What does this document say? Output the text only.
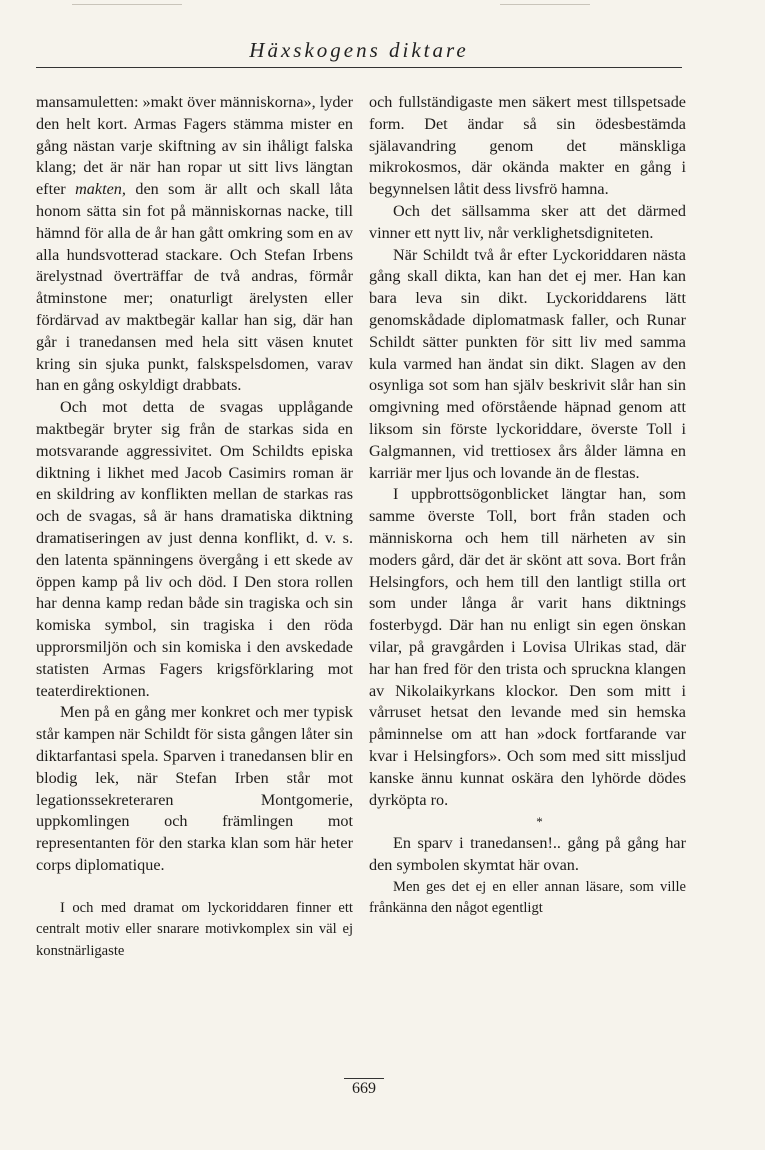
Häxskogens diktare

mansamuletten: »makt över människorna», lyder den helt kort. Armas Fagers stämma mister en gång nästan varje skiftning av sin ihåligt falska klang; det är när han ropar ut sitt livs längtan efter makten, den som är allt och skall låta honom sätta sin fot på människornas nacke, till hämnd för alla de år han gått omkring som en av alla hundsvotterad stackare. Och Stefan Irbens ärelystnad överträffar de två andras, förmår åtminstone mer; onaturligt ärelysten eller fördärvad av maktbegär kallar han sig, där han går i tranedansen med hela sitt väsen knutet kring sin sjuka punkt, falskspelsdomen, varav han en gång oskyldigt drabbats.

Och mot detta de svagas upplågande maktbegär bryter sig från de starkas sida en motsvarande aggressivitet. Om Schildts episka diktning i likhet med Jacob Casimirs roman är en skildring av konflikten mellan de starkas ras och de svagas, så är hans dramatiska diktning dramatiseringen av just denna konflikt, d. v. s. den latenta spänningens övergång i ett skede av öppen kamp på liv och död. I Den stora rollen har denna kamp redan både sin tragiska och sin komiska symbol, sin tragiska i den röda upprorsmiljön och sin komiska i den avskedade statisten Armas Fagers krigsförklaring mot teaterdirektionen.

Men på en gång mer konkret och mer typisk står kampen när Schildt för sista gången låter sin diktarfantasi spela. Sparven i tranedansen blir en blodig lek, när Stefan Irben står mot legationssekreteraren Montgomerie, uppkomlingen och främlingen mot representanten för den starka klan som här heter corps diplomatique.

I och med dramat om lyckoriddaren finner ett centralt motiv eller snarare motivkomplex sin väl ej konstnärligaste

och fullständigaste men säkert mest tillspetsade form. Det ändar så sin ödesbestämda själavandring genom det mänskliga mikrokosmos, där okända makter en gång i begynnelsen låtit dess livsfrö hamna.

Och det sällsamma sker att det därmed vinner ett nytt liv, når verklighetsdigniteten.

När Schildt två år efter Lyckoriddaren nästa gång skall dikta, kan han det ej mer. Han kan bara leva sin dikt. Lyckoriddarens lätt genomskådade diplomatmask faller, och Runar Schildt sätter punkten för sitt liv med samma kula varmed han ändat sin dikt. Slagen av den osynliga sot som han själv beskrivit slår han sin omgivning med oförstående häpnad genom att liksom sin förste lyckoriddare, överste Toll i Galgmannen, vid trettiosex års ålder lämna en karriär mer ljus och lovande än de flestas.

I uppbrottsögonblicket längtar han, som samme överste Toll, bort från staden och människorna och hem till närheten av sin moders gård, där det är skönt att sova. Bort från Helsingfors, och hem till den lantligt stilla ort som under långa år varit hans diktnings fosterbygd. Där han nu enligt sin egen önskan vilar, på gravgården i Lovisa Ulrikas stad, där har han fred för den trista och spruckna klangen av Nikolaikyrkans klockor. Den som mitt i vårruset hetsat den levande med sin hemska påminnelse om att han »dock fortfarande var kvar i Helsingfors». Och som med sitt missljud kanske ännu kunnat oskära den lyhörde dödes dyrköpta ro.

*

En sparv i tranedansen!.. gång på gång har den symbolen skymtat här ovan.

Men ges det ej en eller annan läsare, som ville frånkänna den något egentligt

669
